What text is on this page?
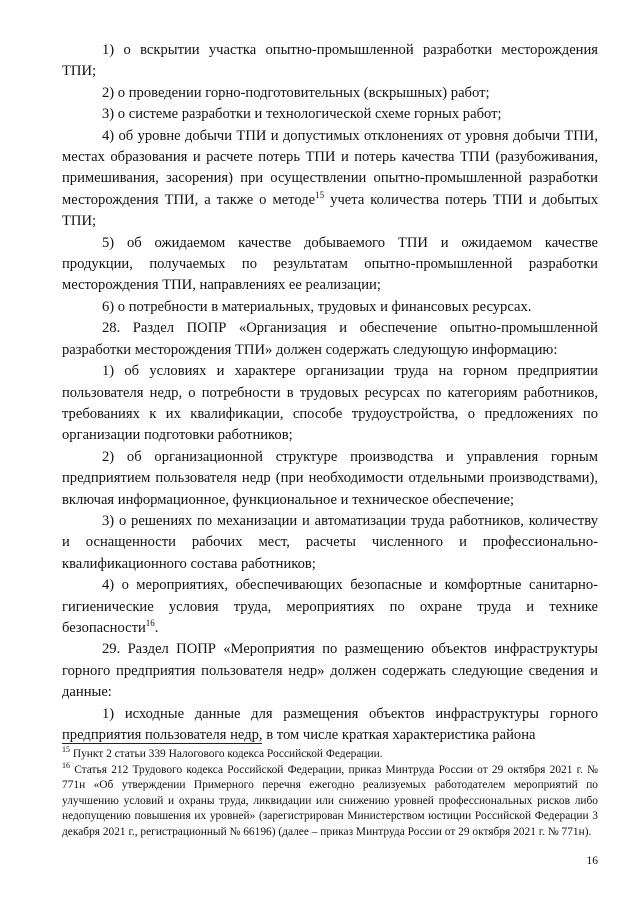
1) о вскрытии участка опытно-промышленной разработки месторождения ТПИ;

2) о проведении горно-подготовительных (вскрышных) работ;

3) о системе разработки и технологической схеме горных работ;

4) об уровне добычи ТПИ и допустимых отклонениях от уровня добычи ТПИ, местах образования и расчете потерь ТПИ и потерь качества ТПИ (разубоживания, примешивания, засорения) при осуществлении опытно-промышленной разработки месторождения ТПИ, а также о методе$^{15}$ учета количества потерь ТПИ и добытых ТПИ;

5) об ожидаемом качестве добываемого ТПИ и ожидаемом качестве продукции, получаемых по результатам опытно-промышленной разработки месторождения ТПИ, направлениях ее реализации;

6) о потребности в материальных, трудовых и финансовых ресурсах.

28. Раздел ПОПР «Организация и обеспечение опытно-промышленной разработки месторождения ТПИ» должен содержать следующую информацию:

1) об условиях и характере организации труда на горном предприятии пользователя недр, о потребности в трудовых ресурсах по категориям работников, требованиях к их квалификации, способе трудоустройства, о предложениях по организации подготовки работников;

2) об организационной структуре производства и управления горным предприятием пользователя недр (при необходимости отдельными производствами), включая информационное, функциональное и техническое обеспечение;

3) о решениях по механизации и автоматизации труда работников, количеству и оснащенности рабочих мест, расчеты численного и профессионально-квалификационного состава работников;

4) о мероприятиях, обеспечивающих безопасные и комфортные санитарно-гигиенические условия труда, мероприятиях по охране труда и технике безопасности$^{16}$.

29. Раздел ПОПР «Мероприятия по размещению объектов инфраструктуры горного предприятия пользователя недр» должен содержать следующие сведения и данные:

1) исходные данные для размещения объектов инфраструктуры горного предприятия пользователя недр, в том числе краткая характеристика района

$^{15}$ Пункт 2 статьи 339 Налогового кодекса Российской Федерации.

$^{16}$ Статья 212 Трудового кодекса Российской Федерации, приказ Минтруда России от 29 октября 2021 г. № 771н «Об утверждении Примерного перечня ежегодно реализуемых работодателем мероприятий по улучшению условий и охраны труда, ликвидации или снижению уровней профессиональных рисков либо недопущению повышения их уровней» (зарегистрирован Министерством юстиции Российской Федерации 3 декабря 2021 г., регистрационный № 66196) (далее – приказ Минтруда России от 29 октября 2021 г. № 771н).

16
